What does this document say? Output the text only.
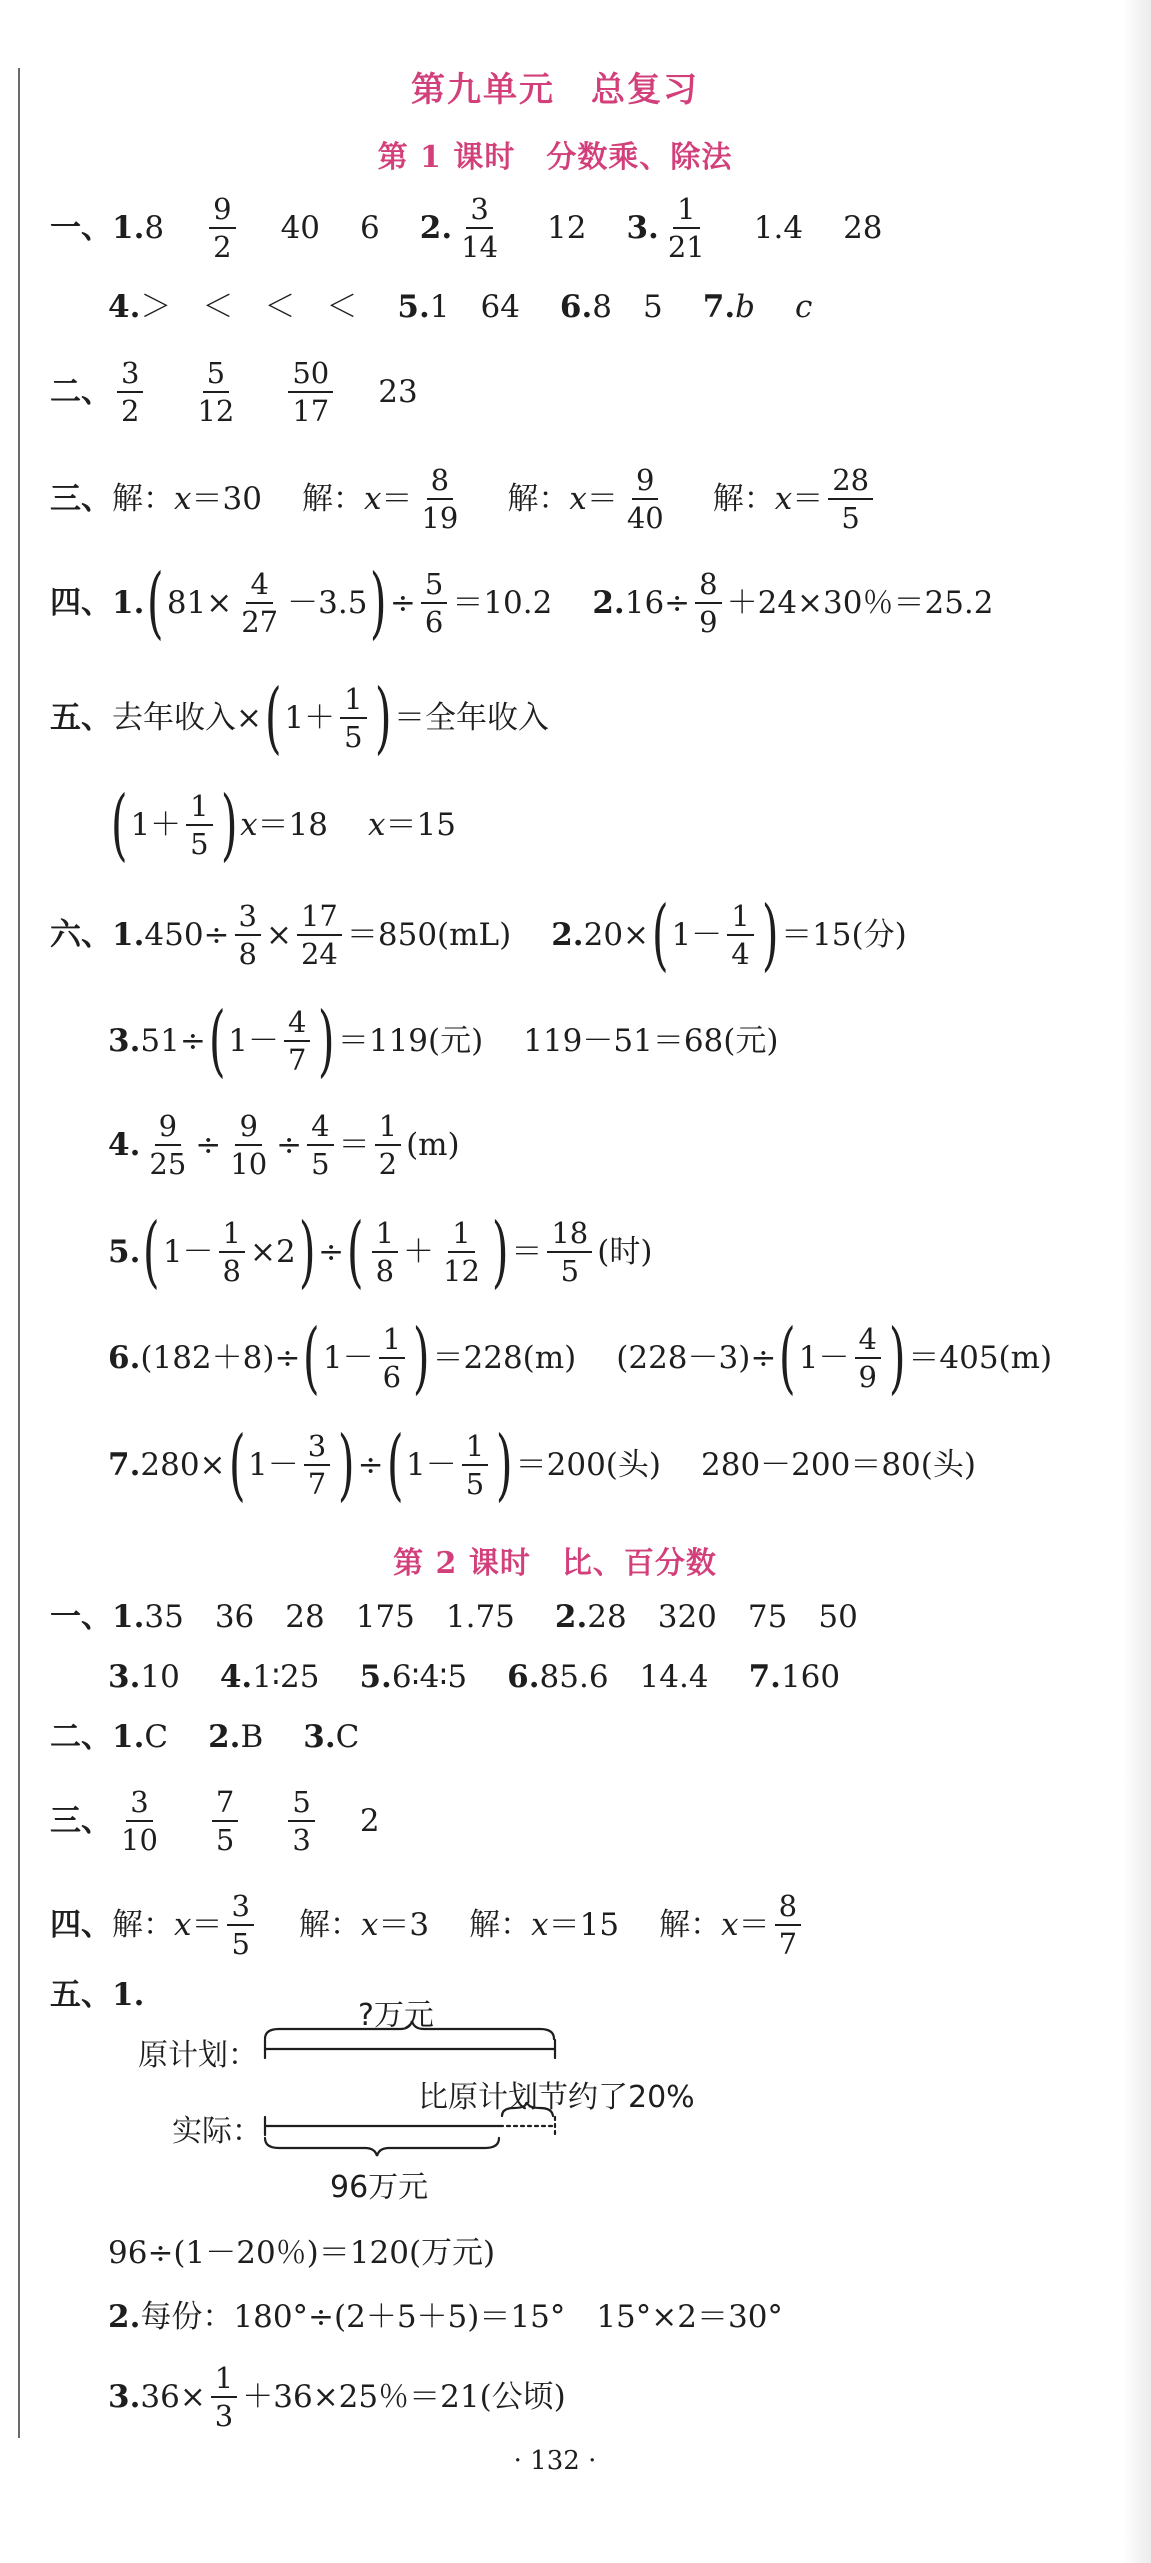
第九单元　总复习
第 1 课时　分数乘、除法
一、 1. $8 \frac{9}{2} 40$ 6 2. $\frac{3}{14} 12$ 3. $\frac{1}{21} 1.4$ 28
4. ＞　＜　＜　＜ 5. 1　64 6. 8　5 7. b c
二、 $\frac{3}{2} \frac{5}{12} \frac{50}{17} 23$
三、 解： x ＝30 解： $x = \frac{8}{19}$ 解： $x = \frac{9}{40}$ 解： $x = \frac{28}{5}$
四、 1. ( $81\times \frac{4}{27} -3.5$ ) ÷ $\frac{5}{6} =10.2$ 2. $16\div \frac{8}{9} +24\times 30$％＝25.2
五、 去年收入× ( $1+ \frac{1}{5}$ ) ＝全年收入
( $1+ \frac{1}{5}$ ) x ＝18 x ＝15
六、 1. $450\div \frac{3}{8} \times \frac{17}{24} =850(mL)$ 2. 20× ( $1- \frac{1}{4}$ ) ＝15(分)
3. 51÷ ( $1- \frac{4}{7}$ ) ＝119(元) 119－51＝68(元)
4. $\frac{9}{25} \div \frac{9}{10} \div \frac{4}{5} = \frac{1}{2} (m)$
5. ( $1- \frac{1}{8} \times 2$ ) ÷ ( $\frac{1}{8} + \frac{1}{12}$ ) ＝ $\frac{18}{5}$ (时)
6. (182＋8)÷ ( $1- \frac{1}{6}$ ) ＝228(m) (228－3)÷ ( $1- \frac{4}{9}$ ) ＝405(m)
7. 280× ( $1- \frac{3}{7}$ ) ÷ ( $1- \frac{1}{5}$ ) ＝200(头) 280－200＝80(头)
第 2 课时　比、百分数
一、 1. 35　36　28　175　1.75 2. 28　320　75　50
3. 10 4. 1∶25 5. 6∶4∶5 6. 85.6　14.4 7. 160
二、 1. C 2. B 3. C
三、 $\frac{3}{10} \frac{7}{5} \frac{5}{3} 2$
四、 解： $x = \frac{3}{5}$ 解： x ＝3 解： x ＝15 解： $x = \frac{8}{7}$
五、 1.
?万元
原计划：
比原计划节约了20%
实际：
96万元
96÷(1－20％)＝120(万元)
2. 每份：180°÷(2＋5＋5)＝15°　15°×2＝30°
3. $36\times \frac{1}{3} +36\times 25$％＝21(公顷)
· 132 ·
